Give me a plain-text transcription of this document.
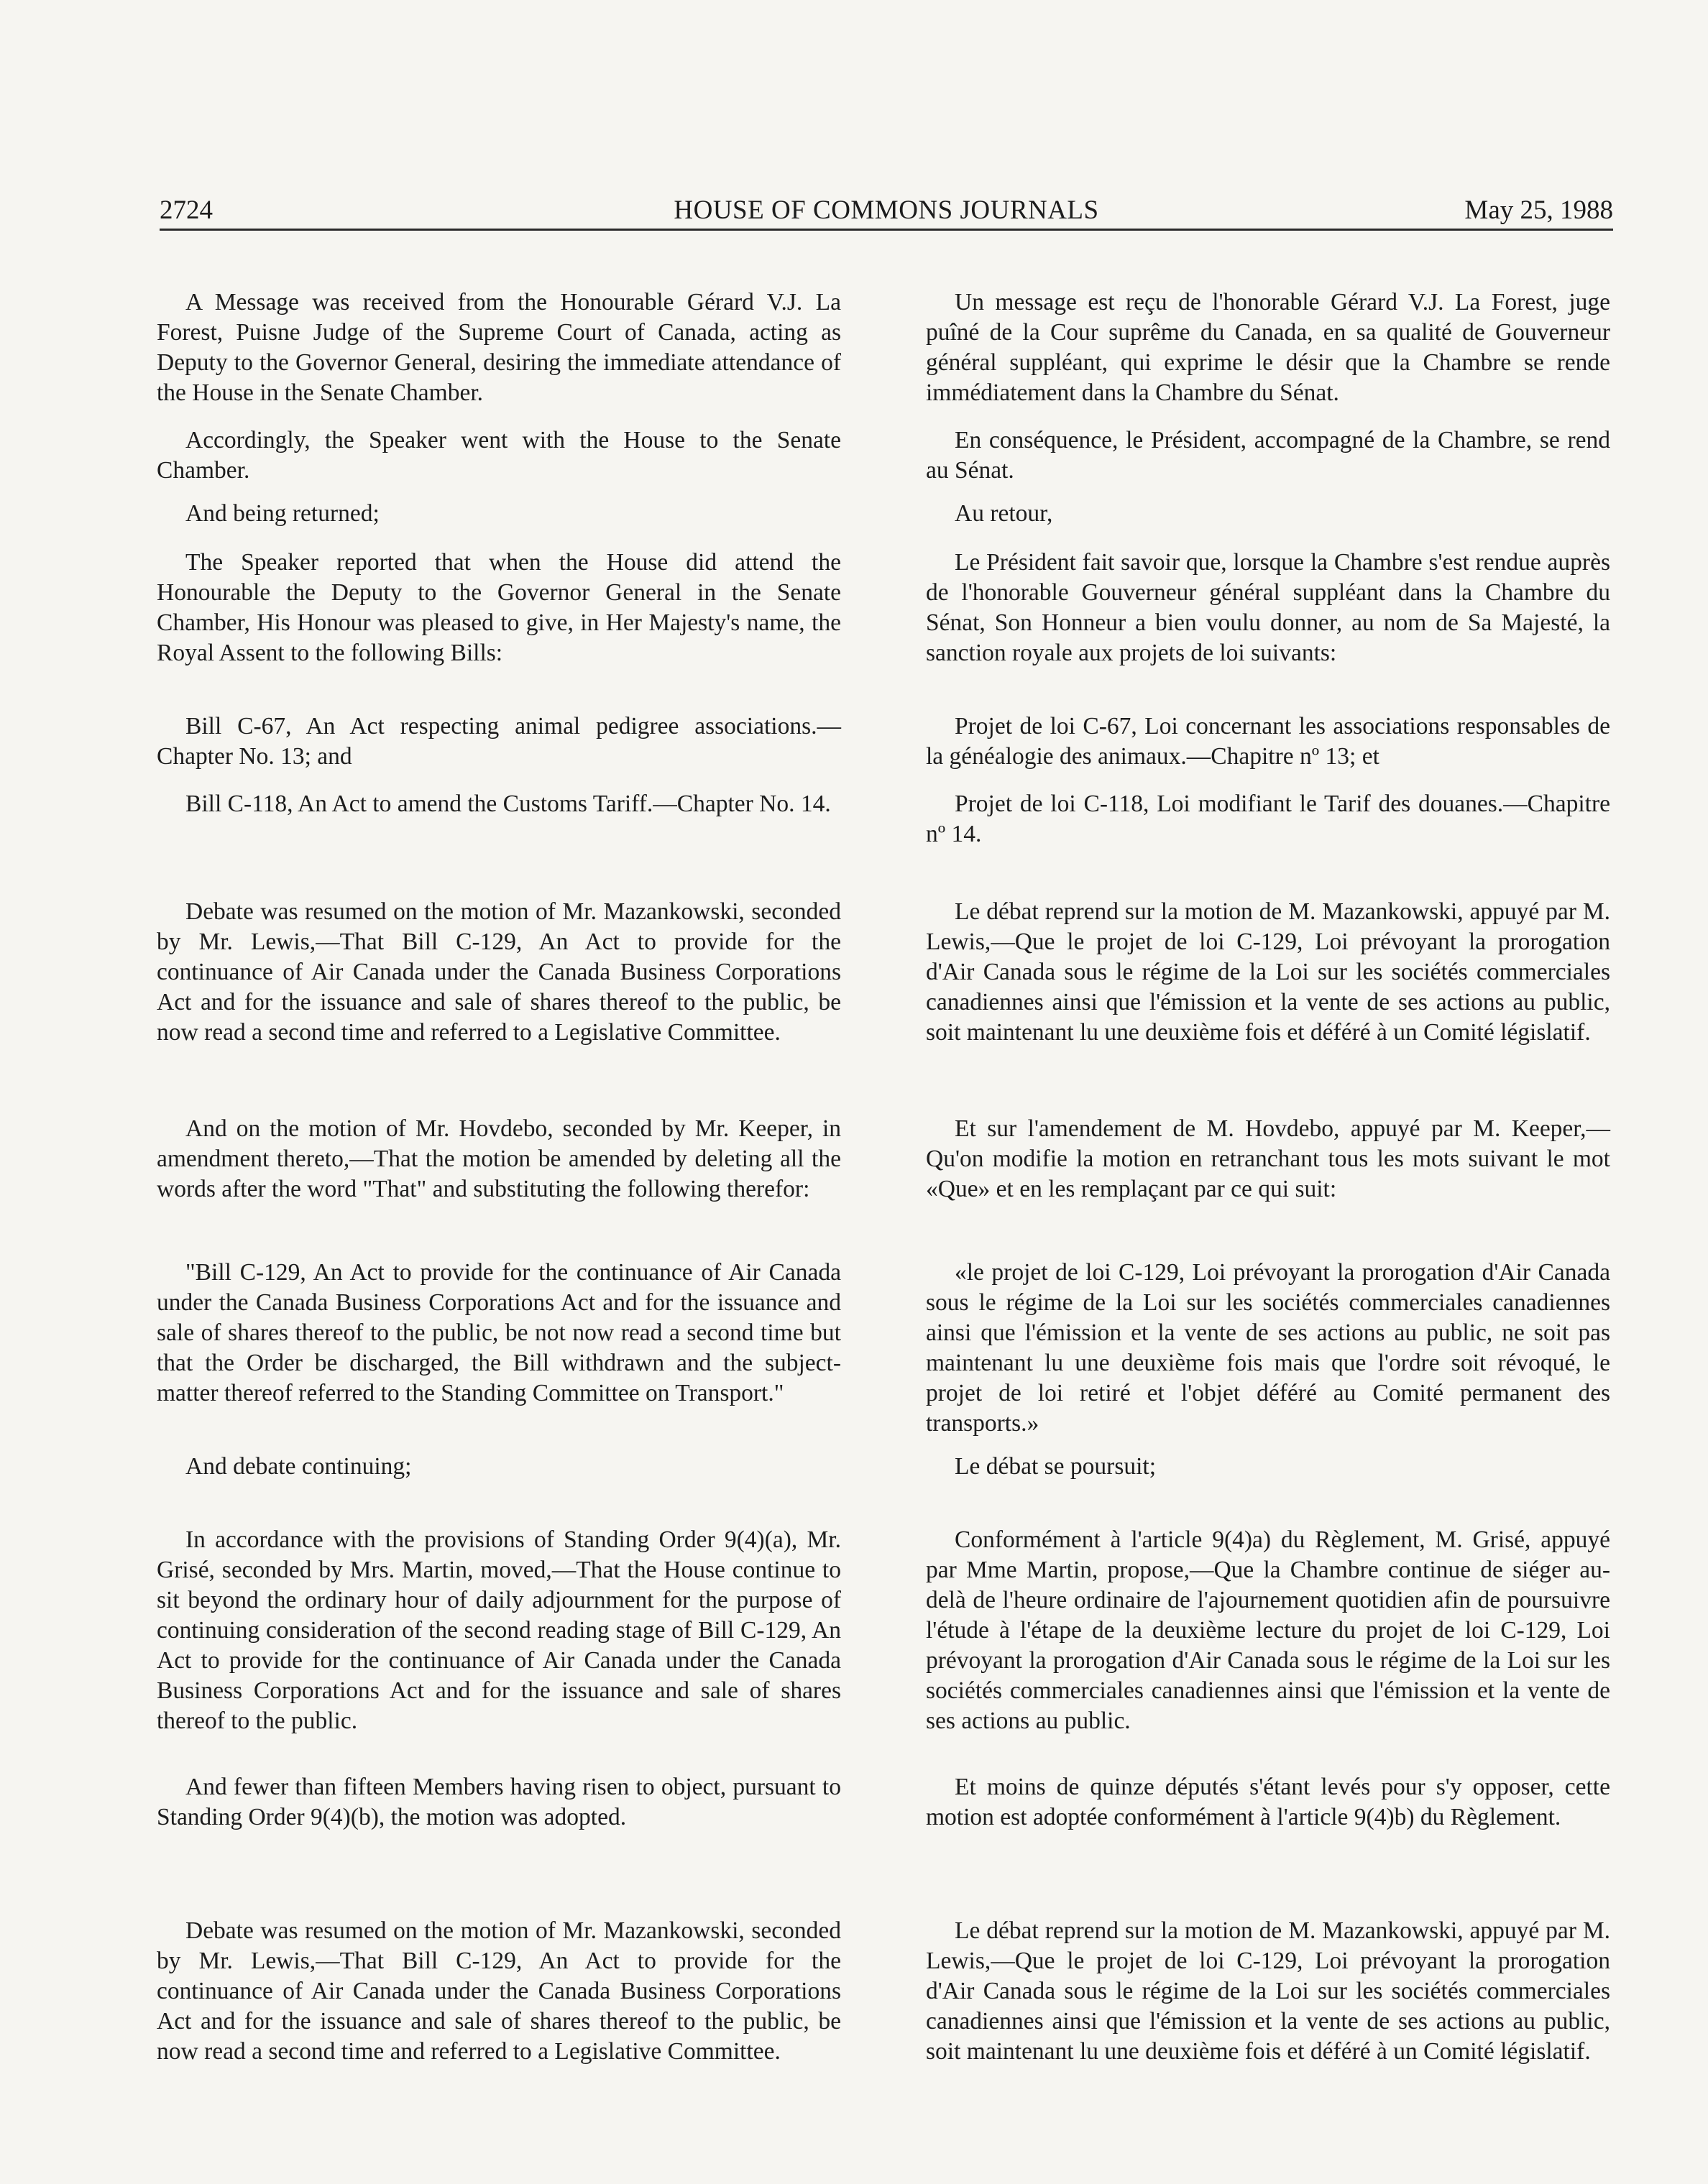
2724	HOUSE OF COMMONS JOURNALS	May 25, 1988

A Message was received from the Honourable Gérard V.J. La Forest, Puisne Judge of the Supreme Court of Canada, acting as Deputy to the Governor General, desiring the immediate attendance of the House in the Senate Chamber.

Accordingly, the Speaker went with the House to the Senate Chamber.

And being returned;

The Speaker reported that when the House did attend the Honourable the Deputy to the Governor General in the Senate Chamber, His Honour was pleased to give, in Her Majesty's name, the Royal Assent to the following Bills:

Bill C-67, An Act respecting animal pedigree associations.—Chapter No. 13; and

Bill C-118, An Act to amend the Customs Tariff.—Chapter No. 14.

Debate was resumed on the motion of Mr. Mazankowski, seconded by Mr. Lewis,—That Bill C-129, An Act to provide for the continuance of Air Canada under the Canada Business Corporations Act and for the issuance and sale of shares thereof to the public, be now read a second time and referred to a Legislative Committee.

And on the motion of Mr. Hovdebo, seconded by Mr. Keeper, in amendment thereto,—That the motion be amended by deleting all the words after the word "That" and substituting the following therefor:

"Bill C-129, An Act to provide for the continuance of Air Canada under the Canada Business Corporations Act and for the issuance and sale of shares thereof to the public, be not now read a second time but that the Order be discharged, the Bill withdrawn and the subject-matter thereof referred to the Standing Committee on Transport."

And debate continuing;

In accordance with the provisions of Standing Order 9(4)(a), Mr. Grisé, seconded by Mrs. Martin, moved,—That the House continue to sit beyond the ordinary hour of daily adjournment for the purpose of continuing consideration of the second reading stage of Bill C-129, An Act to provide for the continuance of Air Canada under the Canada Business Corporations Act and for the issuance and sale of shares thereof to the public.

And fewer than fifteen Members having risen to object, pursuant to Standing Order 9(4)(b), the motion was adopted.

Debate was resumed on the motion of Mr. Mazankowski, seconded by Mr. Lewis,—That Bill C-129, An Act to provide for the continuance of Air Canada under the Canada Business Corporations Act and for the issuance and sale of shares thereof to the public, be now read a second time and referred to a Legislative Committee.

Un message est reçu de l'honorable Gérard V.J. La Forest, juge puîné de la Cour suprême du Canada, en sa qualité de Gouverneur général suppléant, qui exprime le désir que la Chambre se rende immédiatement dans la Chambre du Sénat.

En conséquence, le Président, accompagné de la Chambre, se rend au Sénat.

Au retour,

Le Président fait savoir que, lorsque la Chambre s'est rendue auprès de l'honorable Gouverneur général suppléant dans la Chambre du Sénat, Son Honneur a bien voulu donner, au nom de Sa Majesté, la sanction royale aux projets de loi suivants:

Projet de loi C-67, Loi concernant les associations responsables de la généalogie des animaux.—Chapitre nº 13; et

Projet de loi C-118, Loi modifiant le Tarif des douanes.—Chapitre nº 14.

Le débat reprend sur la motion de M. Mazankowski, appuyé par M. Lewis,—Que le projet de loi C-129, Loi prévoyant la prorogation d'Air Canada sous le régime de la Loi sur les sociétés commerciales canadiennes ainsi que l'émission et la vente de ses actions au public, soit maintenant lu une deuxième fois et déféré à un Comité législatif.

Et sur l'amendement de M. Hovdebo, appuyé par M. Keeper,—Qu'on modifie la motion en retranchant tous les mots suivant le mot «Que» et en les remplaçant par ce qui suit:

«le projet de loi C-129, Loi prévoyant la prorogation d'Air Canada sous le régime de la Loi sur les sociétés commerciales canadiennes ainsi que l'émission et la vente de ses actions au public, ne soit pas maintenant lu une deuxième fois mais que l'ordre soit révoqué, le projet de loi retiré et l'objet déféré au Comité permanent des transports.»

Le débat se poursuit;

Conformément à l'article 9(4)a) du Règlement, M. Grisé, appuyé par Mme Martin, propose,—Que la Chambre continue de siéger au-delà de l'heure ordinaire de l'ajournement quotidien afin de poursuivre l'étude à l'étape de la deuxième lecture du projet de loi C-129, Loi prévoyant la prorogation d'Air Canada sous le régime de la Loi sur les sociétés commerciales canadiennes ainsi que l'émission et la vente de ses actions au public.

Et moins de quinze députés s'étant levés pour s'y opposer, cette motion est adoptée conformément à l'article 9(4)b) du Règlement.

Le débat reprend sur la motion de M. Mazankowski, appuyé par M. Lewis,—Que le projet de loi C-129, Loi prévoyant la prorogation d'Air Canada sous le régime de la Loi sur les sociétés commerciales canadiennes ainsi que l'émission et la vente de ses actions au public, soit maintenant lu une deuxième fois et déféré à un Comité législatif.
